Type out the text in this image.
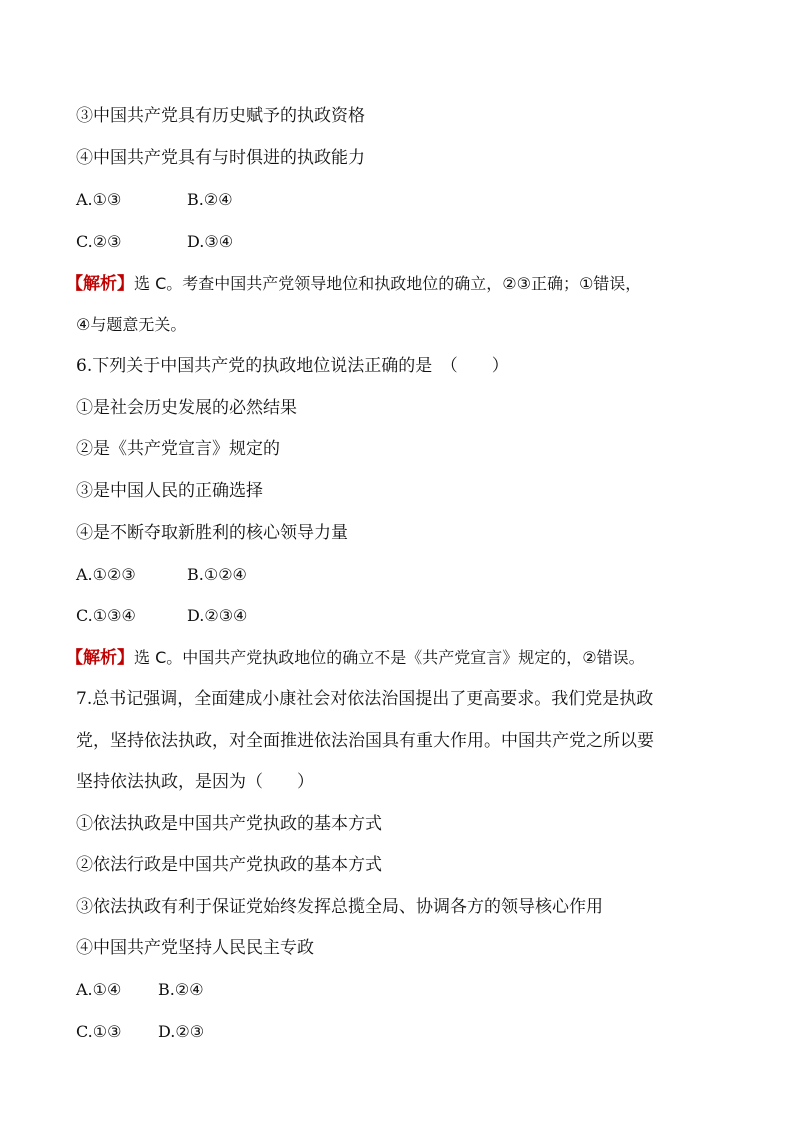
③中国共产党具有历史赋予的执政资格
④中国共产党具有与时俱进的执政能力
A.①③	B.②④
C.②③	D.③④
【解析】选 C。考查中国共产党领导地位和执政地位的确立，②③正确；①错误，
④与题意无关。
6.下列关于中国共产党的执政地位说法正确的是　（　　）
①是社会历史发展的必然结果
②是《共产党宣言》规定的
③是中国人民的正确选择
④是不断夺取新胜利的核心领导力量
A.①②③	B.①②④
C.①③④	D.②③④
【解析】选 C。中国共产党执政地位的确立不是《共产党宣言》规定的，②错误。
7.总书记强调，全面建成小康社会对依法治国提出了更高要求。我们党是执政
党，坚持依法执政，对全面推进依法治国具有重大作用。中国共产党之所以要
坚持依法执政，是因为（　　）
①依法执政是中国共产党执政的基本方式
②依法行政是中国共产党执政的基本方式
③依法执政有利于保证党始终发挥总揽全局、协调各方的领导核心作用
④中国共产党坚持人民民主专政
A.①④ B.②④
C.①③ D.②③
